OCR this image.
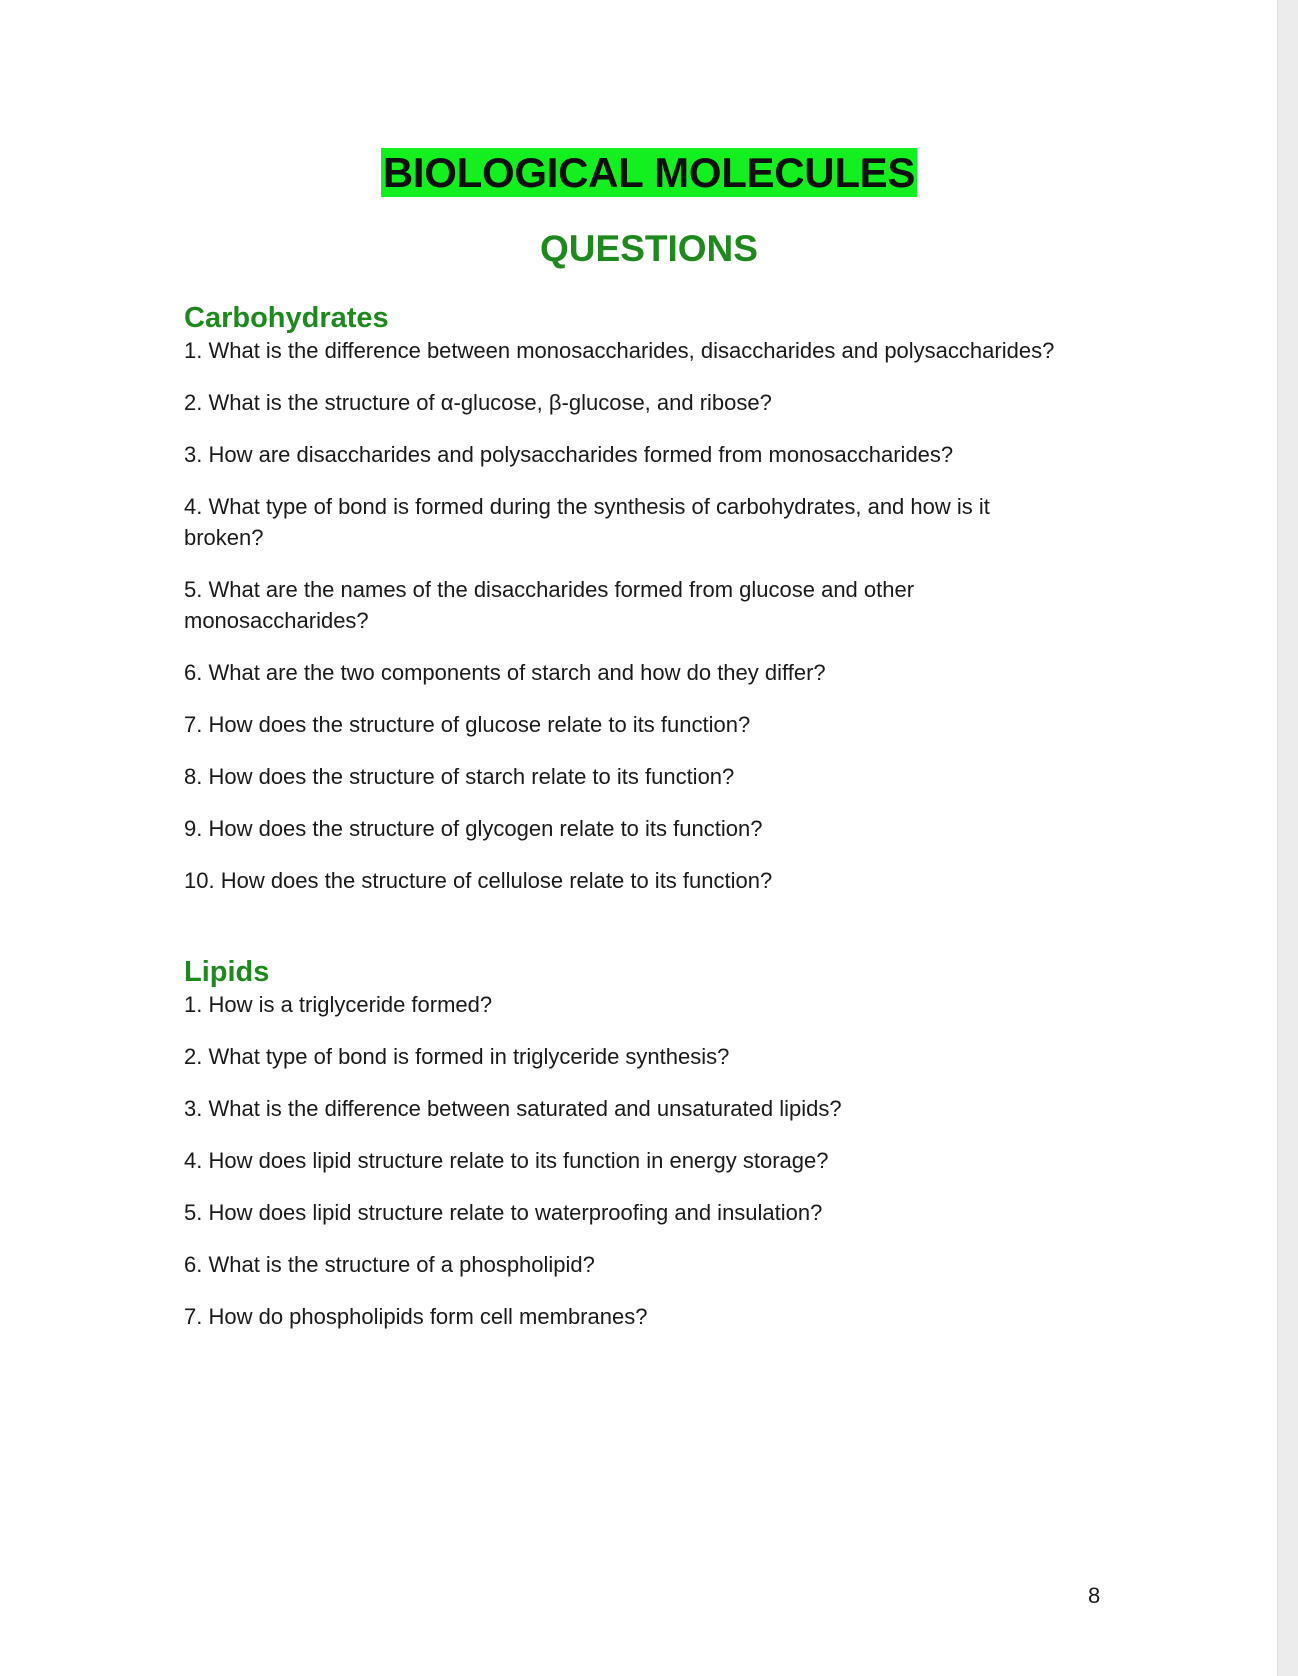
BIOLOGICAL MOLECULES
QUESTIONS
Carbohydrates
1. What is the difference between monosaccharides, disaccharides and polysaccharides?
2. What is the structure of α-glucose, β-glucose, and ribose?
3. How are disaccharides and polysaccharides formed from monosaccharides?
4. What type of bond is formed during the synthesis of carbohydrates, and how is it broken?
5. What are the names of the disaccharides formed from glucose and other monosaccharides?
6. What are the two components of starch and how do they differ?
7. How does the structure of glucose relate to its function?
8. How does the structure of starch relate to its function?
9. How does the structure of glycogen relate to its function?
10. How does the structure of cellulose relate to its function?
Lipids
1. How is a triglyceride formed?
2. What type of bond is formed in triglyceride synthesis?
3. What is the difference between saturated and unsaturated lipids?
4. How does lipid structure relate to its function in energy storage?
5. How does lipid structure relate to waterproofing and insulation?
6. What is the structure of a phospholipid?
7. How do phospholipids form cell membranes?
8
